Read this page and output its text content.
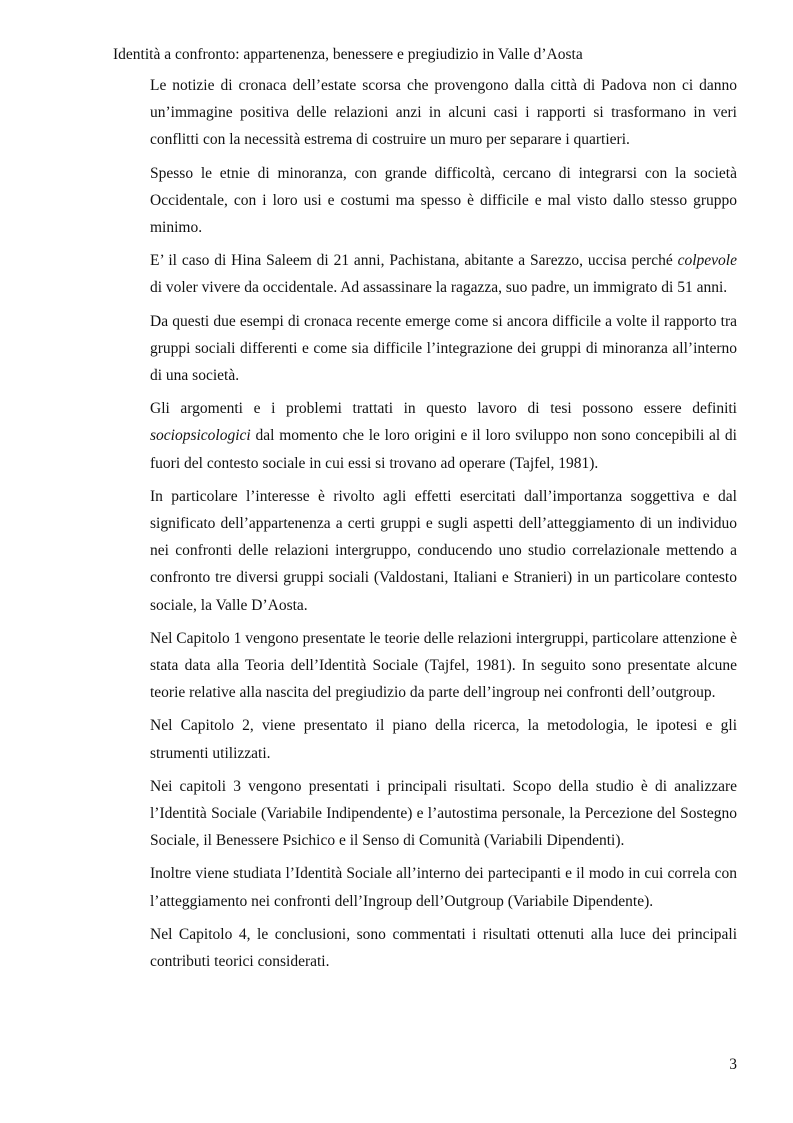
Identità a confronto: appartenenza, benessere e pregiudizio in Valle d’Aosta

Le notizie di cronaca dell’estate scorsa che provengono dalla città di Padova non ci danno un’immagine positiva delle relazioni anzi in alcuni casi i rapporti si trasformano in veri conflitti con la necessità estrema di costruire un muro per separare i quartieri.

Spesso le etnie di minoranza, con grande difficoltà, cercano di integrarsi con la società Occidentale, con i loro usi e costumi ma spesso è difficile e mal visto dallo stesso gruppo minimo.

E’ il caso di Hina Saleem di 21 anni, Pachistana, abitante a Sarezzo, uccisa perché colpevole di voler vivere da occidentale. Ad assassinare la ragazza, suo padre, un immigrato di 51 anni.

Da questi due esempi di cronaca recente emerge come si ancora difficile a volte il rapporto tra gruppi sociali differenti e come sia difficile l’integrazione dei gruppi di minoranza all’interno di una società.

Gli argomenti e i problemi trattati in questo lavoro di tesi possono essere definiti sociopsicologici dal momento che le loro origini e il loro sviluppo non sono concepibili al di fuori del contesto sociale in cui essi si trovano ad operare (Tajfel, 1981).

In particolare l’interesse è rivolto agli effetti esercitati dall’importanza soggettiva e dal significato dell’appartenenza a certi gruppi e sugli aspetti dell’atteggiamento di un individuo nei confronti delle relazioni intergruppo, conducendo uno studio correlazionale mettendo a confronto tre diversi gruppi sociali (Valdostani, Italiani e Stranieri) in un particolare contesto sociale, la Valle D’Aosta.

Nel Capitolo 1 vengono presentate le teorie delle relazioni intergruppi, particolare attenzione è stata data alla Teoria dell’Identità Sociale (Tajfel, 1981). In seguito sono presentate alcune teorie relative alla nascita del pregiudizio da parte dell’ingroup nei confronti dell’outgroup.

Nel Capitolo 2, viene presentato il piano della ricerca, la metodologia, le ipotesi e gli strumenti utilizzati.

Nei capitoli 3 vengono presentati i principali risultati. Scopo della studio è di analizzare l’Identità Sociale (Variabile Indipendente) e l’autostima personale, la Percezione del Sostegno Sociale, il Benessere Psichico e il Senso di Comunità (Variabili Dipendenti).

Inoltre viene studiata l’Identità Sociale all’interno dei partecipanti e il modo in cui correla con l’atteggiamento nei confronti dell’Ingroup dell’Outgroup (Variabile Dipendente).

Nel Capitolo 4, le conclusioni, sono commentati i risultati ottenuti alla luce dei principali contributi teorici considerati.

3
